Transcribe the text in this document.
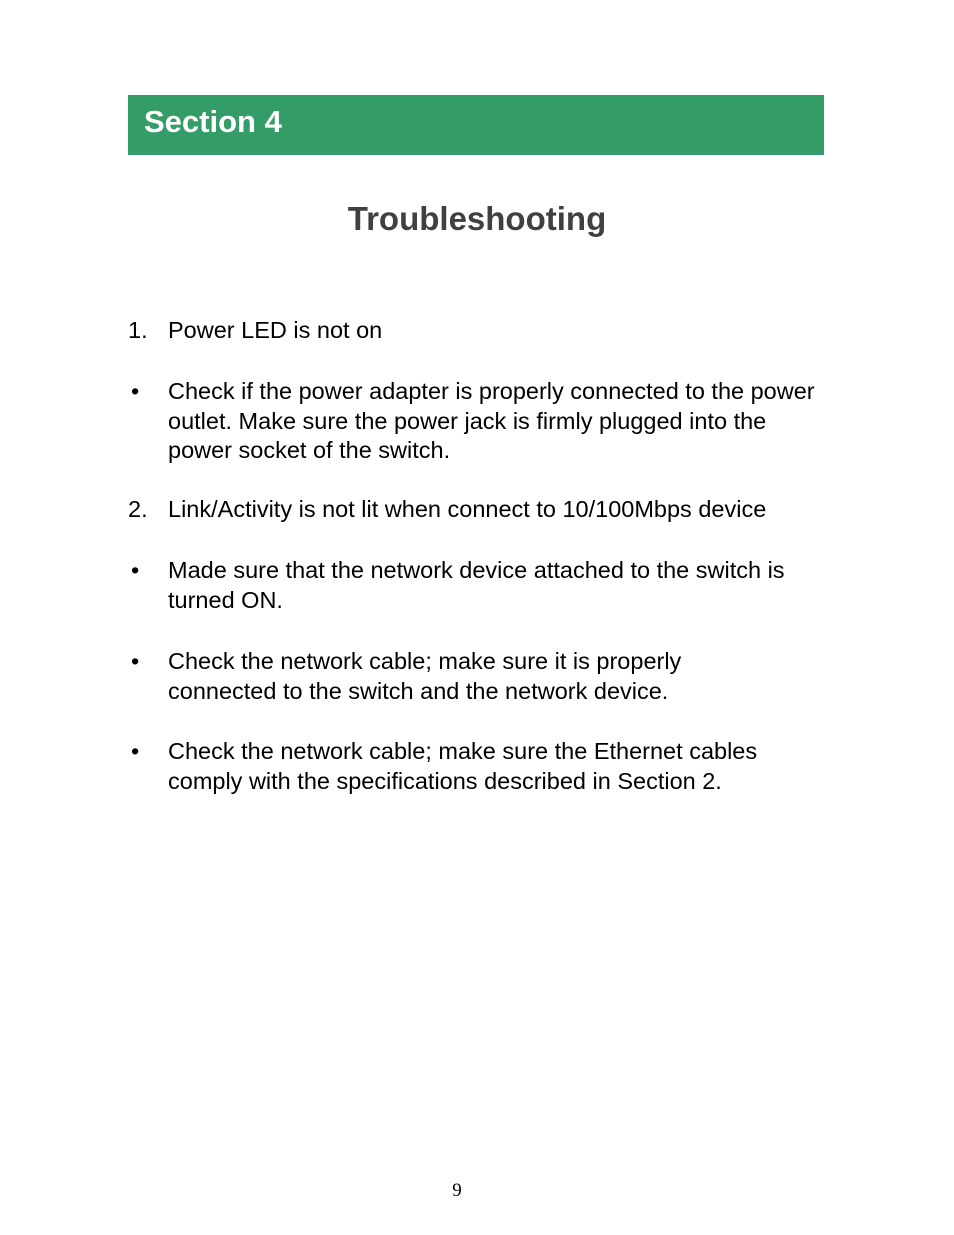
Section 4
Troubleshooting
1. Power LED is not on
•	Check if the power adapter is properly connected to the power outlet. Make sure the power jack is firmly plugged into the power socket of the switch.
2. Link/Activity is not lit when connect to 10/100Mbps device
•	Made sure that the network device attached to the switch is turned ON.
•	Check the network cable; make sure it is properly connected to the switch and the network device.
•	Check the network cable; make sure the Ethernet cables comply with the specifications described in Section 2.
9
